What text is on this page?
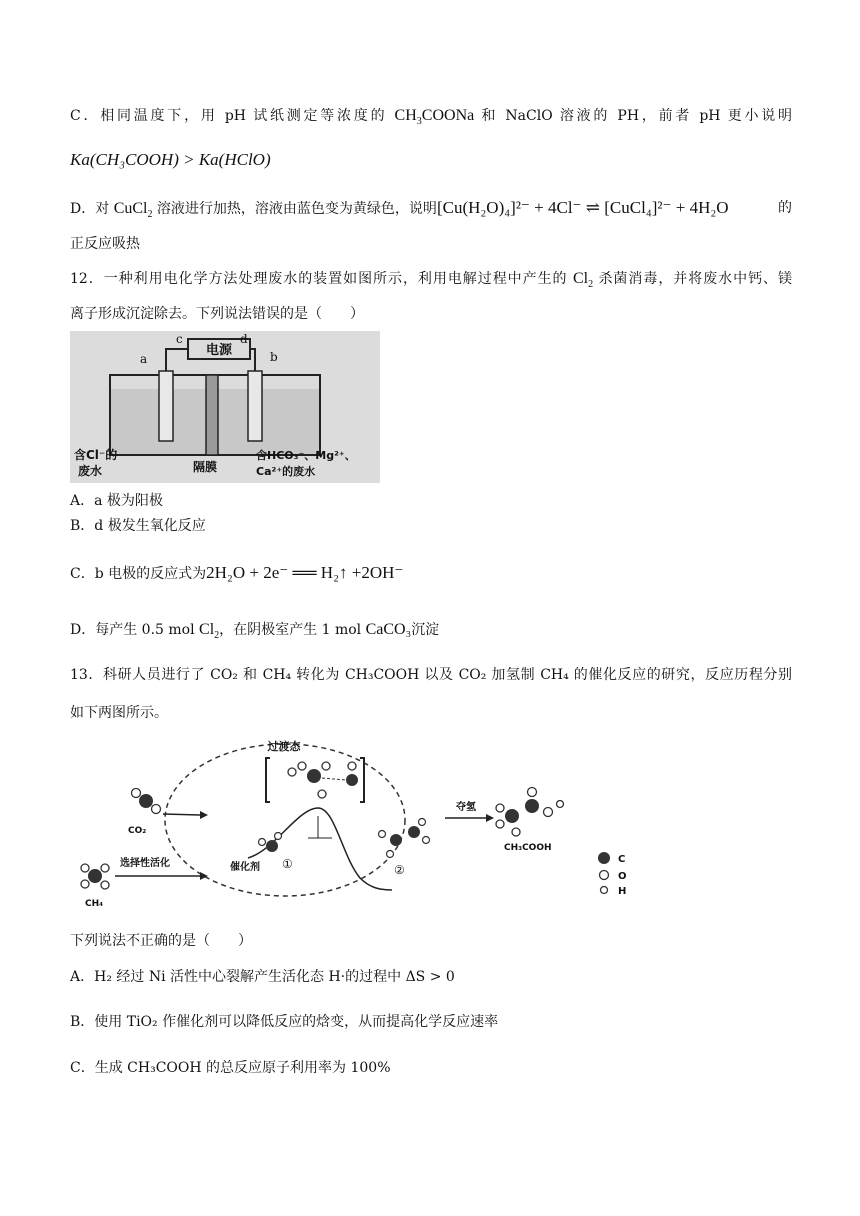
C．相同温度下，用 pH 试纸测定等浓度的 $CH_3COONa$ 和 NaClO 溶液的 PH，前者 pH 更小说明
Ka(CH₃COOH) > Ka(HClO)
D．对 CuCl$_2$ 溶液进行加热，溶液由蓝色变为黄绿色，说明[Cu(H₂O)₄]²⁻ + 4Cl⁻ ⇌ [CuCl₄]²⁻ + 4H₂O	的
正反应吸热
12．一种利用电化学方法处理废水的装置如图所示，利用电解过程中产生的 $Cl_2$ 杀菌消毒，并将废水中钙、镁
离子形成沉淀除去。下列说法错误的是（　　）
电源
c	d
a	b
含Cl⁻的
废水	隔膜
含HCO₃⁻、Mg²⁺、
Ca²⁺的废水
A．a 极为阳极
B．d 极发生氧化反应
C．b 电极的反应式为2H₂O + 2e⁻ ══ H₂↑ +2OH⁻
D．每产生 0.5 mol $Cl_2$，在阴极室产生 1 mol CaCO₃沉淀
13．科研人员进行了 CO₂ 和 CH₄ 转化为 CH₃COOH 以及 CO₂ 加氢制 CH₄ 的催化反应的研究，反应历程分别
如下两图所示。
过渡态
CO₂
CH₄
选择性活化	催化剂 ①	②
夺氢
CH₃COOH
C
O
H
下列说法不正确的是（　　）
A．H₂ 经过 Ni 活性中心裂解产生活化态 H·的过程中 ΔS > 0
B．使用 TiO₂ 作催化剂可以降低反应的焓变，从而提高化学反应速率
C．生成 CH₃COOH 的总反应原子利用率为 100%
